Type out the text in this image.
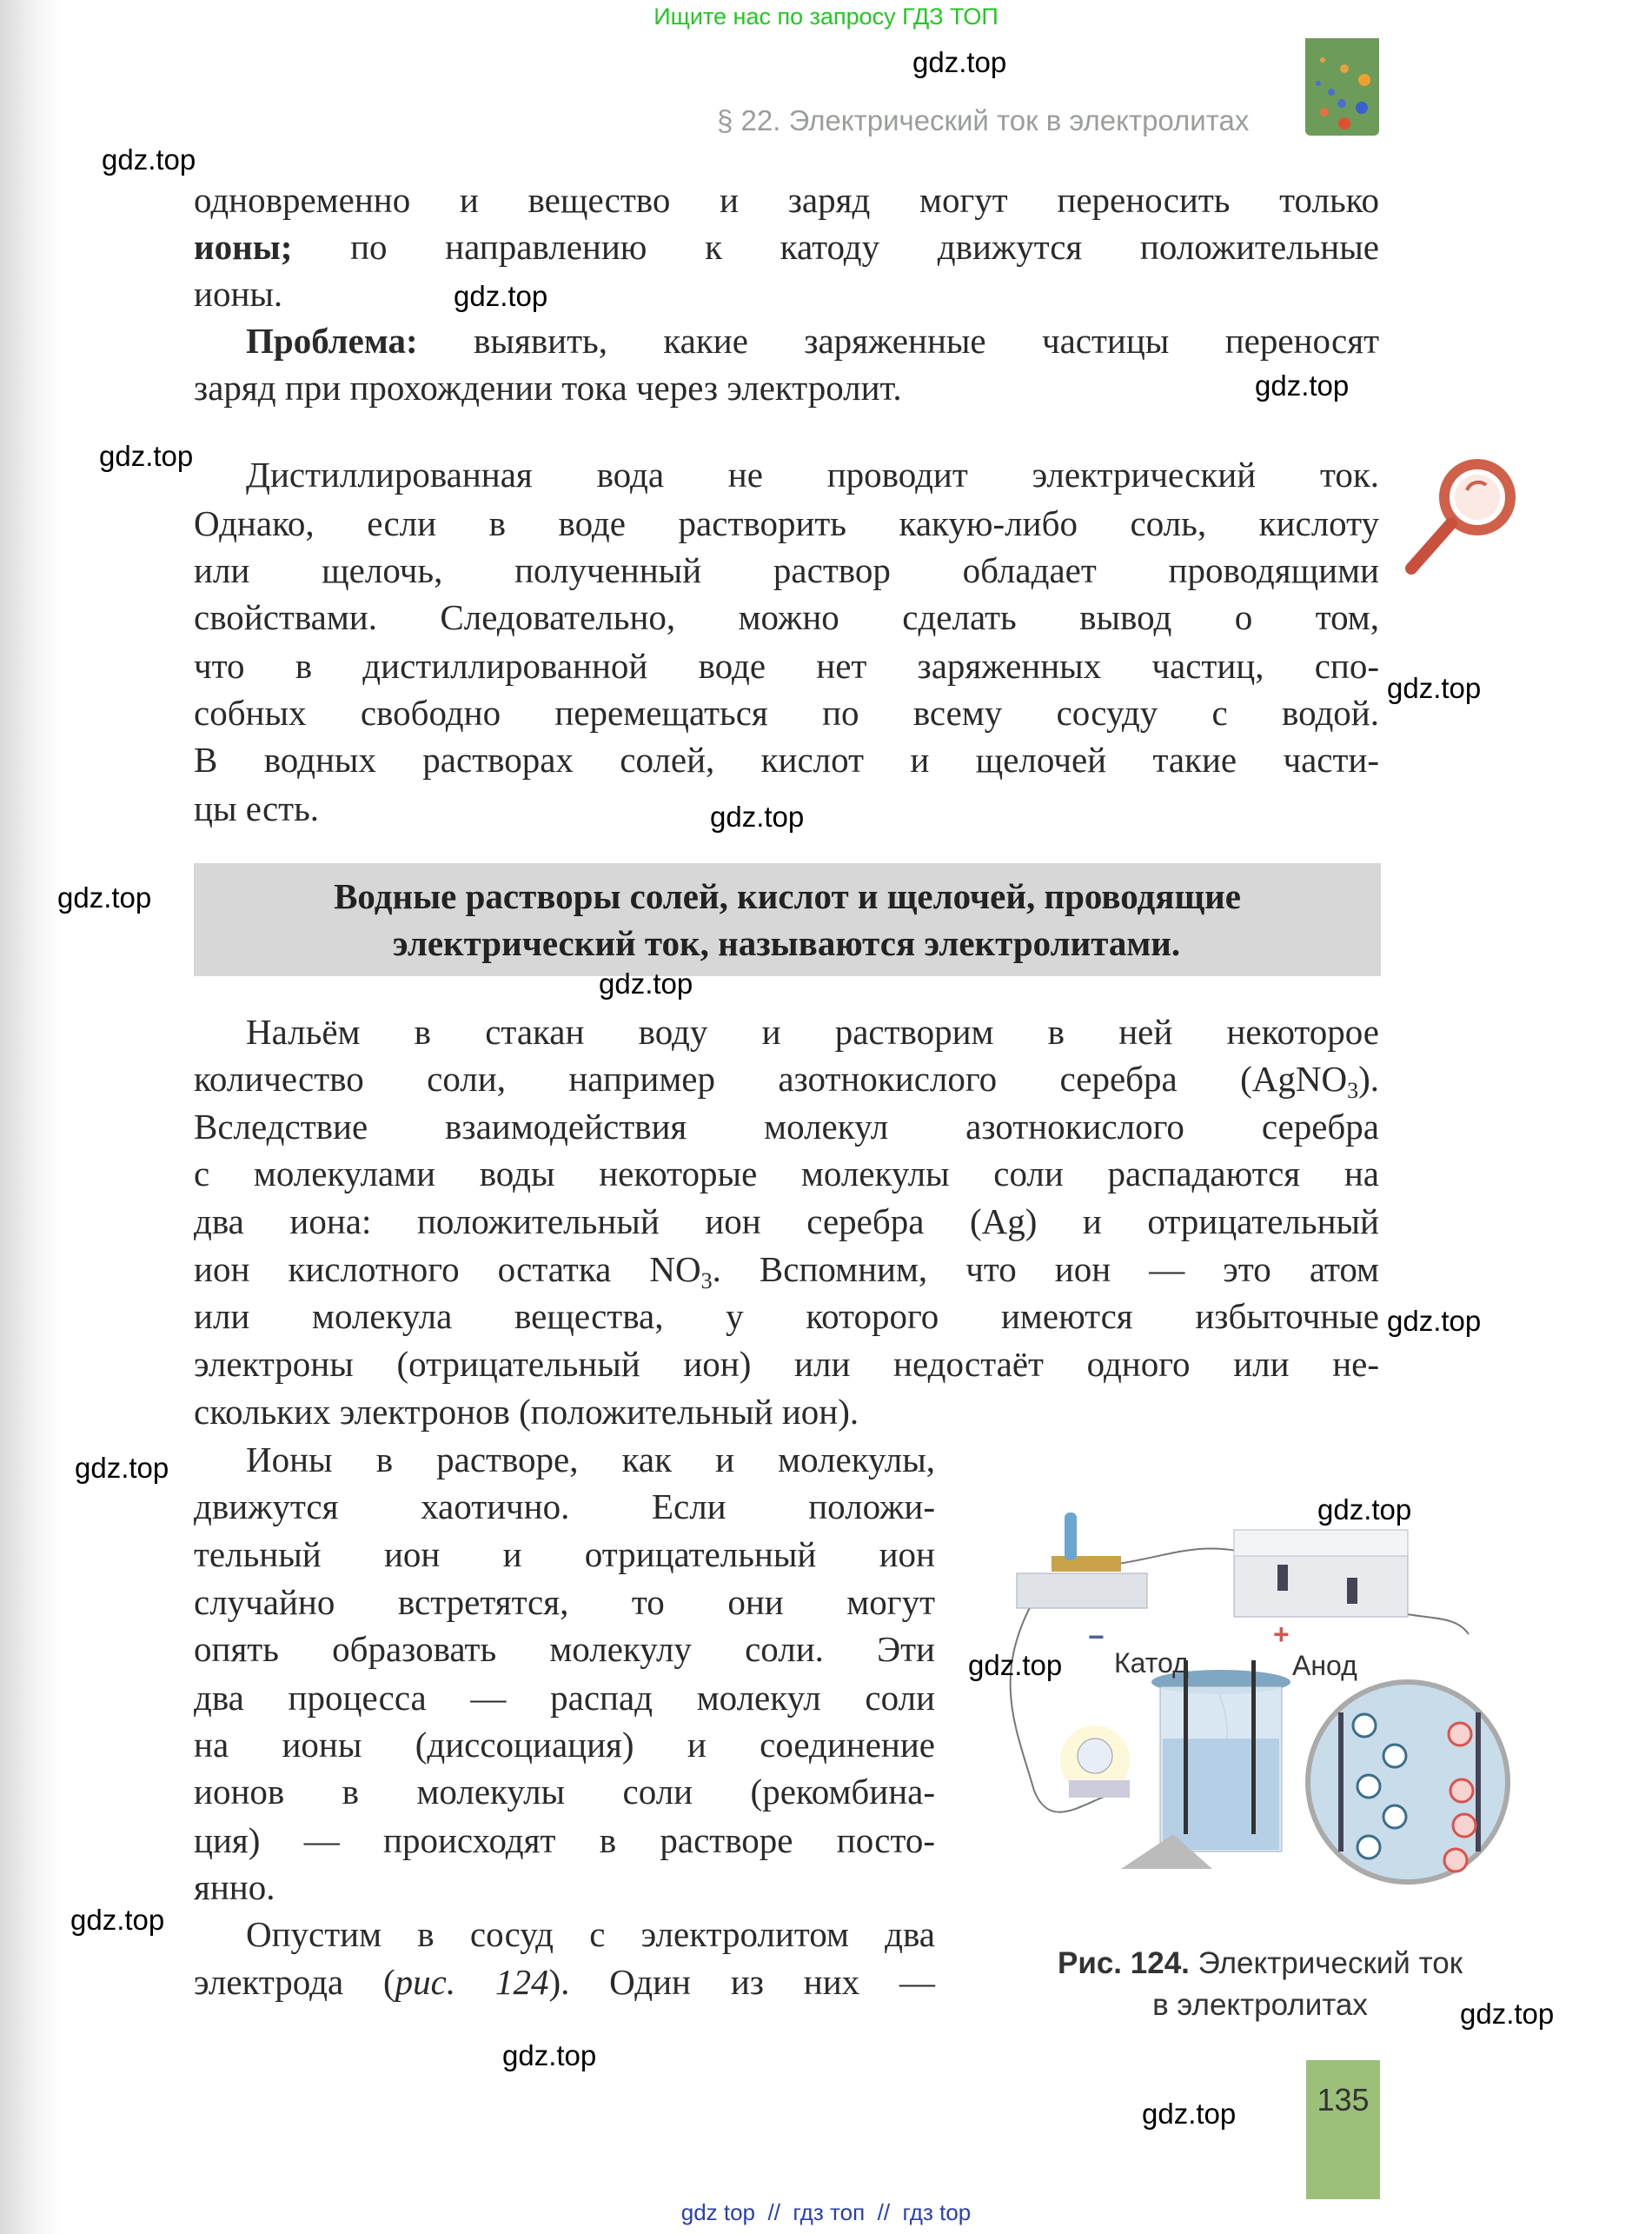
Ищите нас по запросу ГДЗ ТОП
§ 22. Электрический ток в электролитах
одновременно и вещество и заряд могут переносить только
ионы; по направлению к катоду движутся положительные
ионы.
Проблема: выявить, какие заряженные частицы переносят
заряд при прохождении тока через электролит.
Дистиллированная вода не проводит электрический ток.
Однако, если в воде растворить какую-либо соль, кислоту
или щелочь, полученный раствор обладает проводящими
свойствами. Следовательно, можно сделать вывод о том,
что в дистиллированной воде нет заряженных частиц, спо-
собных свободно перемещаться по всему сосуду с водой.
В водных растворах солей, кислот и щелочей такие части-
цы есть.
Нальём в стакан воду и растворим в ней некоторое
количество соли, например азотнокислого серебра (AgNO$_3$).
Вследствие взаимодействия молекул азотнокислого серебра
с молекулами воды некоторые молекулы соли распадаются на
два иона: положительный ион серебра (Ag) и отрицательный
ион кислотного остатка $NO_3$. Вспомним, что ион — это атом
или молекула вещества, у которого имеются избыточные
электроны (отрицательный ион) или недостаёт одного или не-
скольких электронов (положительный ион).
Ионы в растворе, как и молекулы,
движутся хаотично. Если положи-
тельный ион и отрицательный ион
случайно встретятся, то они могут
опять образовать молекулу соли. Эти
два процесса — распад молекул соли
на ионы (диссоциация) и соединение
ионов в молекулы соли (рекомбина-
ция) — происходят в растворе посто-
янно.
Опустим в сосуд с электролитом два
электрода (рис. 124). Один из них —
Водные растворы солей, кислот и щелочей, проводящие
электрический ток, называются электролитами.
−	+
Катод	Анод
Рис. 124. Электрический ток
в электролитах
135
gdz.top
gdz.top
gdz.top
gdz.top
gdz.top
gdz.top
gdz.top
gdz.top
gdz.top
gdz.top
gdz.top
gdz.top
gdz.top
gdz.top
gdz.top
gdz.top
gdz.top
gdz top  //  гдз топ  //  гдз top
